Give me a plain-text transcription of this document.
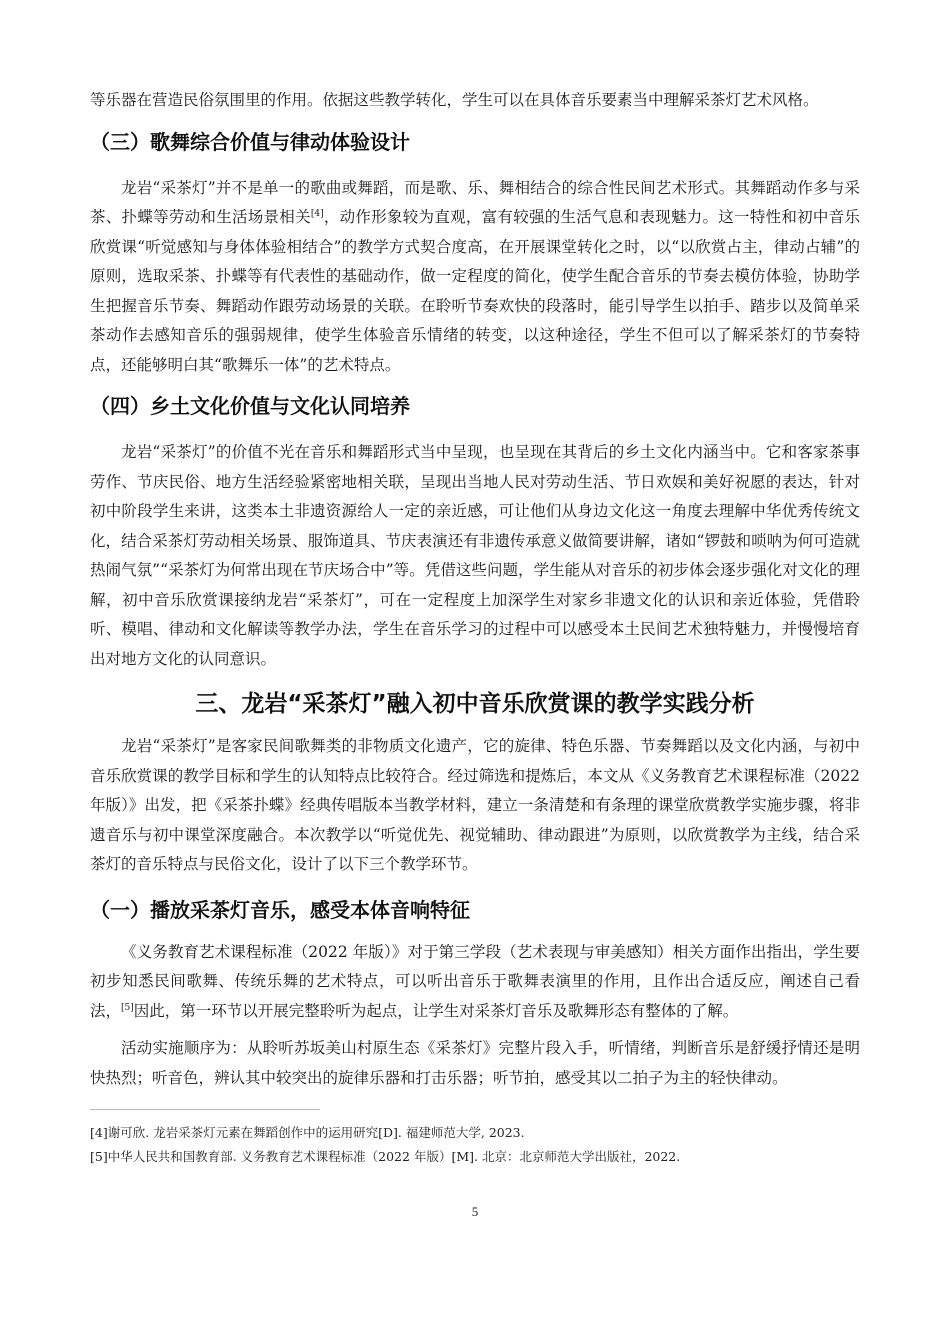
等乐器在营造民俗氛围里的作用。依据这些教学转化，学生可以在具体音乐要素当中理解采茶灯艺术风格。

（三）歌舞综合价值与律动体验设计

龙岩“采茶灯”并不是单一的歌曲或舞蹈，而是歌、乐、舞相结合的综合性民间艺术形式。其舞蹈动作多与采茶、扑蝶等劳动和生活场景相关[4]，动作形象较为直观，富有较强的生活气息和表现魅力。这一特性和初中音乐欣赏课“听觉感知与身体体验相结合”的教学方式契合度高，在开展课堂转化之时，以“以欣赏占主，律动占辅”的原则，选取采茶、扑蝶等有代表性的基础动作，做一定程度的简化，使学生配合音乐的节奏去模仿体验，协助学生把握音乐节奏、舞蹈动作跟劳动场景的关联。在聆听节奏欢快的段落时，能引导学生以拍手、踏步以及简单采茶动作去感知音乐的强弱规律，使学生体验音乐情绪的转变，以这种途径，学生不但可以了解采茶灯的节奏特点，还能够明白其“歌舞乐一体”的艺术特点。

（四）乡土文化价值与文化认同培养

龙岩“采茶灯”的价值不光在音乐和舞蹈形式当中呈现，也呈现在其背后的乡土文化内涵当中。它和客家茶事劳作、节庆民俗、地方生活经验紧密地相关联，呈现出当地人民对劳动生活、节日欢娱和美好祝愿的表达，针对初中阶段学生来讲，这类本土非遗资源给人一定的亲近感，可让他们从身边文化这一角度去理解中华优秀传统文化，结合采茶灯劳动相关场景、服饰道具、节庆表演还有非遗传承意义做简要讲解，诸如“锣鼓和唢呐为何可造就热闹气氛”“采茶灯为何常出现在节庆场合中”等。凭借这些问题，学生能从对音乐的初步体会逐步强化对文化的理解，初中音乐欣赏课接纳龙岩“采茶灯”，可在一定程度上加深学生对家乡非遗文化的认识和亲近体验，凭借聆听、模唱、律动和文化解读等教学办法，学生在音乐学习的过程中可以感受本土民间艺术独特魅力，并慢慢培育出对地方文化的认同意识。

三、龙岩“采茶灯”融入初中音乐欣赏课的教学实践分析

龙岩“采茶灯”是客家民间歌舞类的非物质文化遗产，它的旋律、特色乐器、节奏舞蹈以及文化内涵，与初中音乐欣赏课的教学目标和学生的认知特点比较符合。经过筛选和提炼后，本文从《义务教育艺术课程标准（2022 年版）》出发，把《采茶扑蝶》经典传唱版本当教学材料，建立一条清楚和有条理的课堂欣赏教学实施步骤，将非遗音乐与初中课堂深度融合。本次教学以“听觉优先、视觉辅助、律动跟进”为原则，以欣赏教学为主线，结合采茶灯的音乐特点与民俗文化，设计了以下三个教学环节。

（一）播放采茶灯音乐，感受本体音响特征

《义务教育艺术课程标准（2022 年版）》对于第三学段（艺术表现与审美感知）相关方面作出指出，学生要初步知悉民间歌舞、传统乐舞的艺术特点，可以听出音乐于歌舞表演里的作用，且作出合适反应，阐述自己看法，[5]因此，第一环节以开展完整聆听为起点，让学生对采茶灯音乐及歌舞形态有整体的了解。

活动实施顺序为：从聆听苏坂美山村原生态《采茶灯》完整片段入手，听情绪，判断音乐是舒缓抒情还是明快热烈；听音色，辨认其中较突出的旋律乐器和打击乐器；听节拍，感受其以二拍子为主的轻快律动。

[4]谢可欣. 龙岩采茶灯元素在舞蹈创作中的运用研究[D]. 福建师范大学, 2023.

[5]中华人民共和国教育部. 义务教育艺术课程标准（2022 年版）[M]. 北京：北京师范大学出版社，2022.

5
